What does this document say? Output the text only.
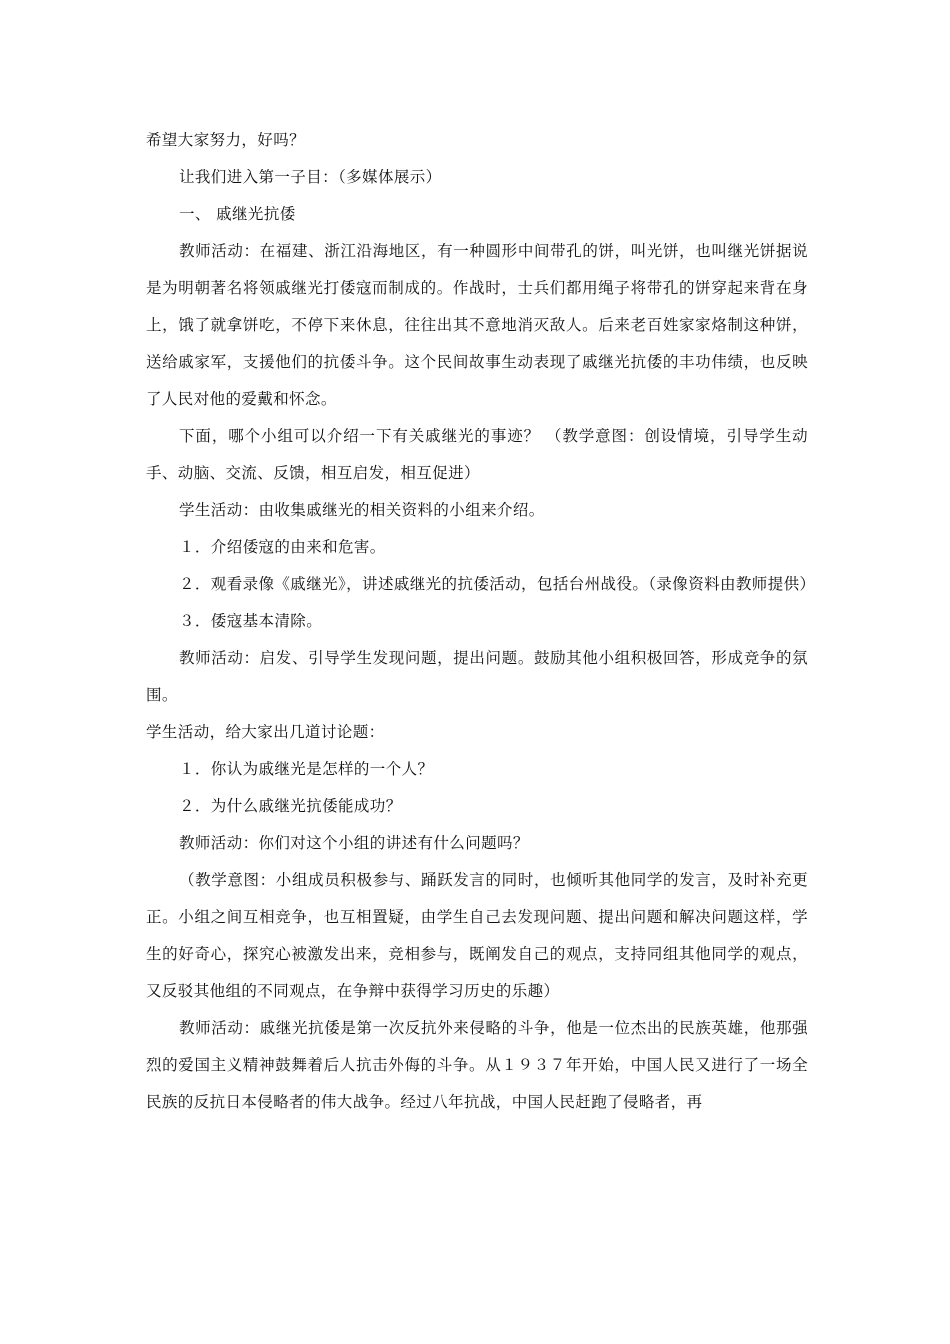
希望大家努力，好吗？

让我们进入第一子目：（多媒体展示）

一、 戚继光抗倭

教师活动：在福建、浙江沿海地区，有一种圆形中间带孔的饼，叫光饼，也叫继光饼据说是为明朝著名将领戚继光打倭寇而制成的。作战时，士兵们都用绳子将带孔的饼穿起来背在身上，饿了就拿饼吃，不停下来休息，往往出其不意地消灭敌人。后来老百姓家家烙制这种饼，送给戚家军，支援他们的抗倭斗争。这个民间故事生动表现了戚继光抗倭的丰功伟绩，也反映了人民对他的爱戴和怀念。

下面，哪个小组可以介绍一下有关戚继光的事迹？ （教学意图：创设情境，引导学生动手、动脑、交流、反馈，相互启发，相互促进）

学生活动：由收集戚继光的相关资料的小组来介绍。

１．介绍倭寇的由来和危害。

２．观看录像《戚继光》，讲述戚继光的抗倭活动，包括台州战役。（录像资料由教师提供）

３．倭寇基本清除。

教师活动：启发、引导学生发现问题，提出问题。鼓励其他小组积极回答，形成竞争的氛围。

学生活动，给大家出几道讨论题：

１．你认为戚继光是怎样的一个人？

２．为什么戚继光抗倭能成功？

教师活动：你们对这个小组的讲述有什么问题吗？

（教学意图：小组成员积极参与、踊跃发言的同时，也倾听其他同学的发言，及时补充更正。小组之间互相竞争，也互相置疑，由学生自己去发现问题、提出问题和解决问题这样，学生的好奇心，探究心被激发出来，竞相参与，既阐发自己的观点，支持同组其他同学的观点，又反驳其他组的不同观点，在争辩中获得学习历史的乐趣）

教师活动：戚继光抗倭是第一次反抗外来侵略的斗争，他是一位杰出的民族英雄，他那强烈的爱国主义精神鼓舞着后人抗击外侮的斗争。从１９３７年开始，中国人民又进行了一场全民族的反抗日本侵略者的伟大战争。经过八年抗战，中国人民赶跑了侵略者，再
